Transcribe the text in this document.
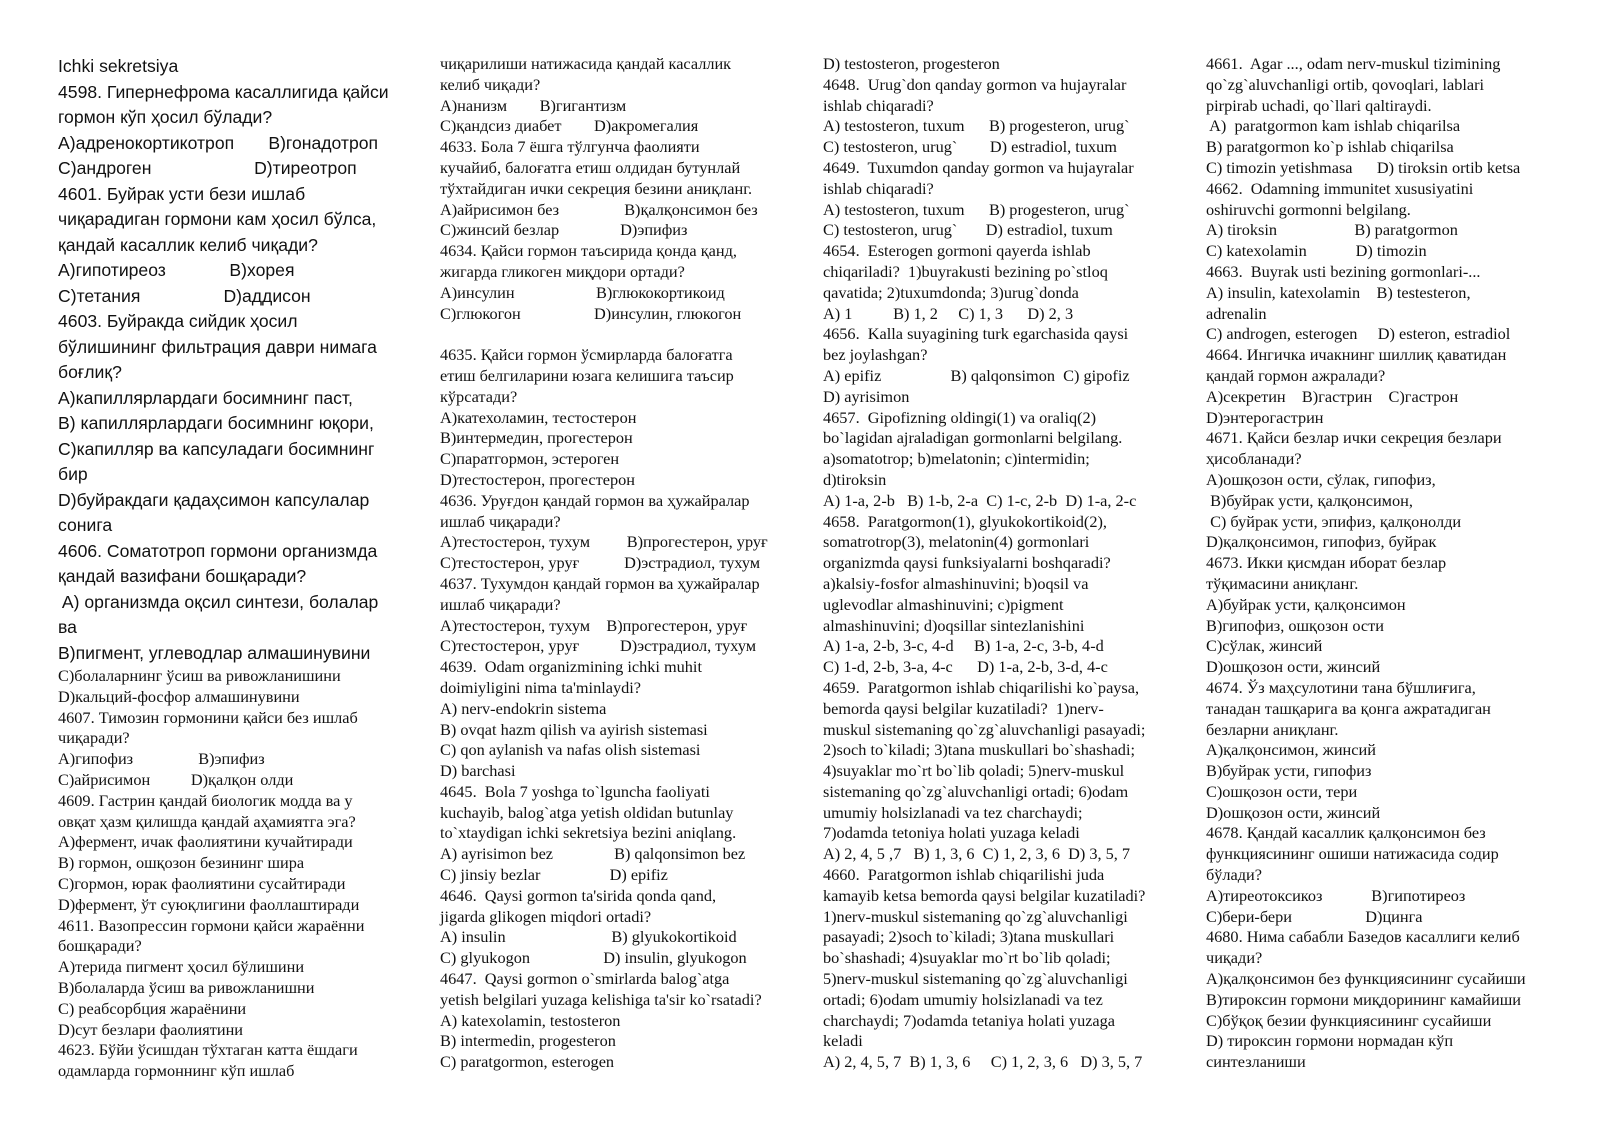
Ichki sekretsiya
4598. Гипернефрома касаллигида қайси
гормон кўп ҳосил бўлади?
A)адренокортикотроп       B)гонадотроп
C)андроген                     D)тиреотроп
4601. Буйрак усти бези ишлаб
чиқарадиган гормони кам ҳосил бўлса,
қандай касаллик келиб чиқади?
A)гипотиреоз             B)хорея
C)тетания                 D)аддисон
4603. Буйракда сийдик ҳосил
бўлишининг фильтрация даври нимага
боғлиқ?
A)капиллярлардаги босимнинг паст,
B) капиллярлардаги босимнинг юқори,
C)капилляр ва капсуладаги босимнинг
бир
D)буйракдаги қадаҳсимон капсулалар
сонига
4606. Соматотроп гормони организмда
қандай вазифани бошқаради?
A) организмда оқсил синтези, болалар
ва
B)пигмент, углеводлар алмашинувини
C)болаларнинг ўсиш ва ривожланишини
D)кальций-фосфор алмашинувини
4607. Тимозин гормонини қайси без ишлаб
чиқаради?
A)гипофиз                B)эпифиз
C)айрисимон          D)қалқон олди
4609. Гастрин қандай биологик модда ва у
овқат ҳазм қилишда қандай аҳамиятга эга?
A)фермент, ичак фаолиятини кучайтиради
B) гормон, ошқозон безининг шира
C)гормон, юрак фаолиятини сусайтиради
D)фермент, ўт суюқлигини фаоллаштиради
4611. Вазопрессин гормони қайси жараённи
бошқаради?
A)терида пигмент ҳосил бўлишини
B)болаларда ўсиш ва ривожланишни
C) реабсорбция жараёнини
D)сут безлари фаолиятини
4623. Бўйи ўсишдан тўхтаган катта ёшдаги
одамларда гормоннинг кўп ишлаб
чиқарилиши натижасида қандай касаллик
келиб чиқади?
A)нанизм        B)гигантизм
C)қандсиз диабет        D)акромегалия
4633. Бола 7 ёшга тўлгунча фаолияти
кучайиб, балоғатга етиш олдидан бутунлай
тўхтайдиган ички секреция безини аниқланг.
A)айрисимон без                B)қалқонсимон без
C)жинсий безлар               D)эпифиз
4634. Қайси гормон таъсирида қонда қанд,
жигарда гликоген миқдори ортади?
A)инсулин                    B)глюкокортикоид
C)глюкогон                  D)инсулин, глюкогон
4635. Қайси гормон ўсмирларда балоғатга
етиш белгиларини юзага келишига таъсир
кўрсатади?
A)катехоламин, тестостерон
B)интермедин, прогестерон
C)паратгормон, эстероген
D)тестостерон, прогестерон
4636. Уруғдон қандай гормон ва ҳужайралар
ишлаб чиқаради?
A)тестостерон, тухум         B)прогестерон, уруғ
C)тестостерон, уруғ           D)эстрадиол, тухум
4637. Тухумдон қандай гормон ва ҳужайралар
ишлаб чиқаради?
A)тестостерон, тухум    B)прогестерон, уруғ
C)тестостерон, уруғ          D)эстрадиол, тухум
4639.  Odam organizmining ichki muhit
doimiyligini nima ta'minlaydi?
A) nerv-endokrin sistema
B) ovqat hazm qilish va ayirish sistemasi
C) qon aylanish va nafas olish sistemasi
D) barchasi
4645.  Bola 7 yoshga to`lguncha faoliyati
kuchayib, balog`atga yetish oldidan butunlay
to`xtaydigan ichki sekretsiya bezini aniqlang.
A) ayrisimon bez               B) qalqonsimon bez
C) jinsiy bezlar                 D) epifiz
4646.  Qaysi gormon ta'sirida qonda qand,
jigarda glikogen miqdori ortadi?
A) insulin                          B) glyukokortikoid
C) glyukogon                  D) insulin, glyukogon
4647.  Qaysi gormon o`smirlarda balog`atga
yetish belgilari yuzaga kelishiga ta'sir ko`rsatadi?
A) katexolamin, testosteron
B) intermedin, progesteron
C) paratgormon, esterogen
D) testosteron, progesteron
4648.  Urug`don qanday gormon va hujayralar
ishlab chiqaradi?
A) testosteron, tuxum      B) progesteron, urug`
C) testosteron, urug`        D) estradiol, tuxum
4649.  Tuxumdon qanday gormon va hujayralar
ishlab chiqaradi?
A) testosteron, tuxum      B) progesteron, urug`
C) testosteron, urug`       D) estradiol, tuxum
4654.  Esterogen gormoni qayerda ishlab
chiqariladi?  1)buyrakusti bezining po`stloq
qavatida; 2)tuxumdonda; 3)urug`donda
A) 1          B) 1, 2     C) 1, 3      D) 2, 3
4656.  Kalla suyagining turk egarchasida qaysi
bez joylashgan?
A) epifiz                 B) qalqonsimon  C) gipofiz
D) ayrisimon
4657.  Gipofizning oldingi(1) va oraliq(2)
bo`lagidan ajraladigan gormonlarni belgilang.
a)somatotrop; b)melatonin; c)intermidin;
d)tiroksin
A) 1-a, 2-b   B) 1-b, 2-a  C) 1-c, 2-b  D) 1-a, 2-c
4658.  Paratgormon(1), glyukokortikoid(2),
somatrotrop(3), melatonin(4) gormonlari
organizmda qaysi funksiyalarni boshqaradi?
a)kalsiy-fosfor almashinuvini; b)oqsil va
uglevodlar almashinuvini; c)pigment
almashinuvini; d)oqsillar sintezlanishini
A) 1-a, 2-b, 3-c, 4-d     B) 1-a, 2-c, 3-b, 4-d
C) 1-d, 2-b, 3-a, 4-c      D) 1-a, 2-b, 3-d, 4-c
4659.  Paratgormon ishlab chiqarilishi ko`paysa,
bemorda qaysi belgilar kuzatiladi?  1)nerv-
muskul sistemaning qo`zg`aluvchanligi pasayadi;
2)soch to`kiladi; 3)tana muskullari bo`shashadi;
4)suyaklar mo`rt bo`lib qoladi; 5)nerv-muskul
sistemaning qo`zg`aluvchanligi ortadi; 6)odam
umumiy holsizlanadi va tez charchaydi;
7)odamda tetoniya holati yuzaga keladi
A) 2, 4, 5 ,7   B) 1, 3, 6  C) 1, 2, 3, 6  D) 3, 5, 7
4660.  Paratgormon ishlab chiqarilishi juda
kamayib ketsa bemorda qaysi belgilar kuzatiladi?
1)nerv-muskul sistemaning qo`zg`aluvchanligi
pasayadi; 2)soch to`kiladi; 3)tana muskullari
bo`shashadi; 4)suyaklar mo`rt bo`lib qoladi;
5)nerv-muskul sistemaning qo`zg`aluvchanligi
ortadi; 6)odam umumiy holsizlanadi va tez
charchaydi; 7)odamda tetaniya holati yuzaga
keladi
A) 2, 4, 5, 7  B) 1, 3, 6     C) 1, 2, 3, 6   D) 3, 5, 7
4661.  Agar ..., odam nerv-muskul tizimining
qo`zg`aluvchanligi ortib, qovoqlari, lablari
pirpirab uchadi, qo`llari qaltiraydi.
A)  paratgormon kam ishlab chiqarilsa
B) paratgormon ko`p ishlab chiqarilsa
C) timozin yetishmasa      D) tiroksin ortib ketsa
4662.  Odamning immunitet xususiyatini
oshiruvchi gormonni belgilang.
A) tiroksin                   B) paratgormon
C) katexolamin            D) timozin
4663.  Buyrak usti bezining gormonlari-...
A) insulin, katexolamin    B) testesteron,
adrenalin
C) androgen, esterogen     D) esteron, estradiol
4664. Ингичка ичакнинг шиллиқ қаватидан
қандай гормон ажралади?
A)секретин    B)гастрин    C)гастрон
D)энтерогастрин
4671. Қайси безлар ички секреция безлари
ҳисобланади?
A)ошқозон ости, сўлак, гипофиз,
B)буйрак усти, қалқонсимон,
C) буйрак усти, эпифиз, қалқонолди
D)қалқонсимон, гипофиз, буйрак
4673. Икки қисмдан иборат безлар
тўқимасини аниқланг.
A)буйрак усти, қалқонсимон
B)гипофиз, ошқозон ости
C)сўлак, жинсий
D)ошқозон ости, жинсий
4674. Ўз маҳсулотини тана бўшлиғига,
танадан ташқарига ва қонга ажратадиган
безларни аниқланг.
A)қалқонсимон, жинсий
B)буйрак усти, гипофиз
C)ошқозон ости, тери
D)ошқозон ости, жинсий
4678. Қандай касаллик қалқонсимон без
функциясининг ошиши натижасида содир
бўлади?
A)тиреотоксикоз            B)гипотиреоз
C)бери-бери                  D)цинга
4680. Нима сабабли Базедов касаллиги келиб
чиқади?
A)қалқонсимон без функциясининг сусайиши
B)тироксин гормони миқдорининг камайиши
C)бўқоқ безии функциясининг сусайиши
D) тироксин гормони нормадан кўп
синтезланиши
